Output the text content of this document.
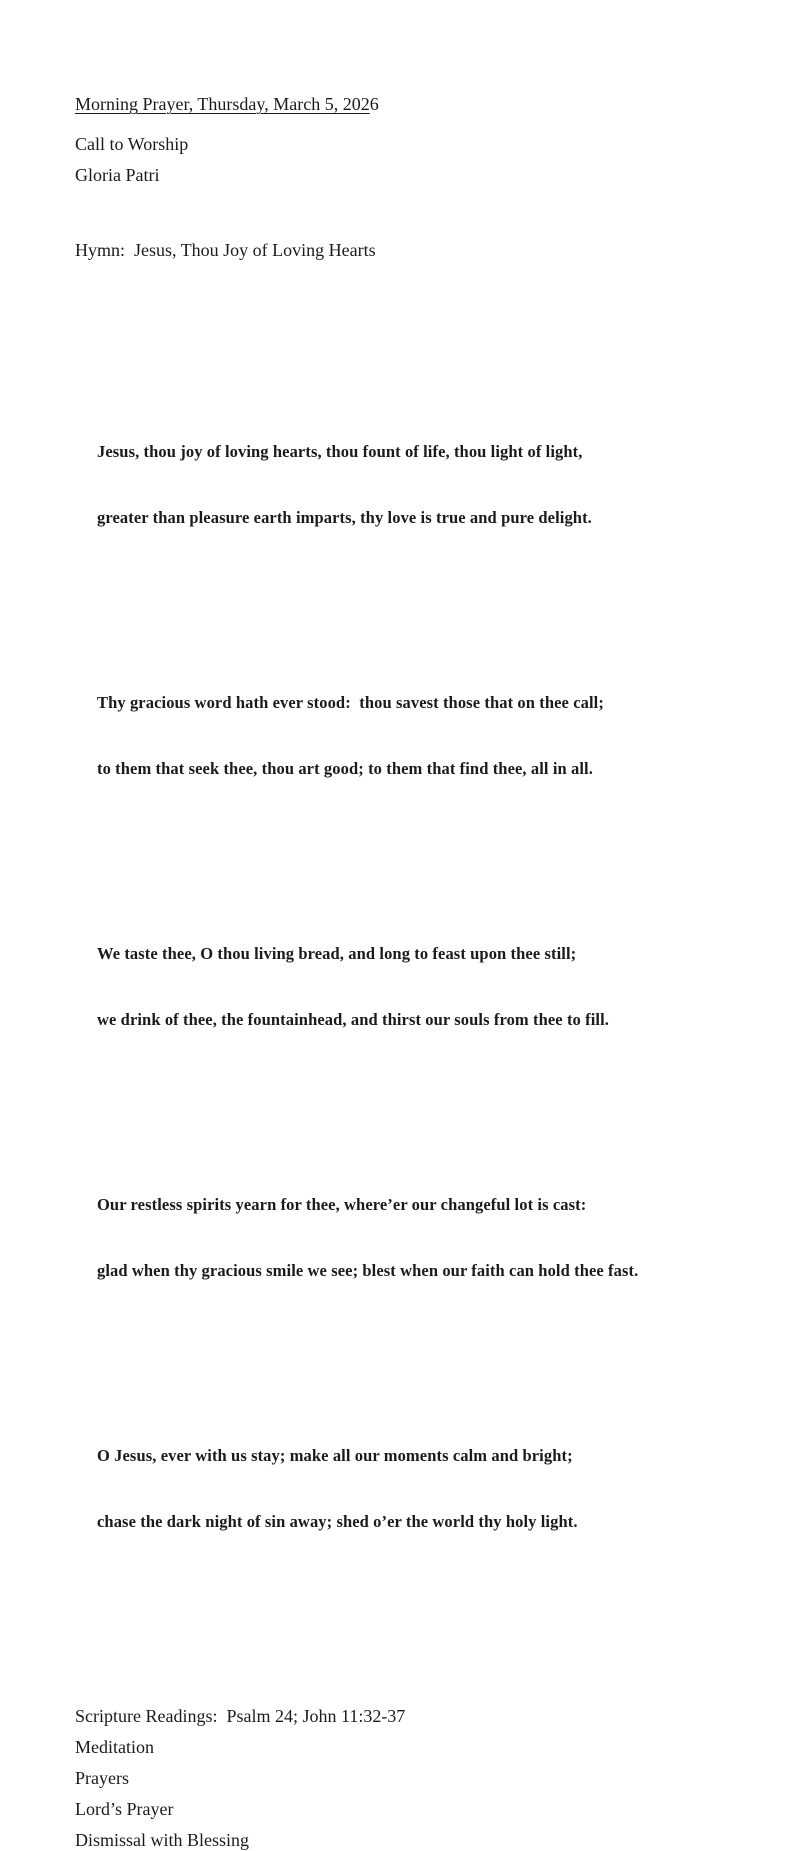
Morning Prayer, Thursday, March 5, 2026
Call to Worship
Gloria Patri

Hymn:  Jesus, Thou Joy of Loving Hearts

Jesus, thou joy of loving hearts, thou fount of life, thou light of light,

greater than pleasure earth imparts, thy love is true and pure delight.

Thy gracious word hath ever stood:  thou savest those that on thee call;

to them that seek thee, thou art good; to them that find thee, all in all.

We taste thee, O thou living bread, and long to feast upon thee still;

we drink of thee, the fountainhead, and thirst our souls from thee to fill.

Our restless spirits yearn for thee, where’er our changeful lot is cast:

glad when thy gracious smile we see; blest when our faith can hold thee fast.

O Jesus, ever with us stay; make all our moments calm and bright;

chase the dark night of sin away; shed o’er the world thy holy light.

Scripture Readings:  Psalm 24; John 11:32-37
Meditation
Prayers
Lord’s Prayer
Dismissal with Blessing
